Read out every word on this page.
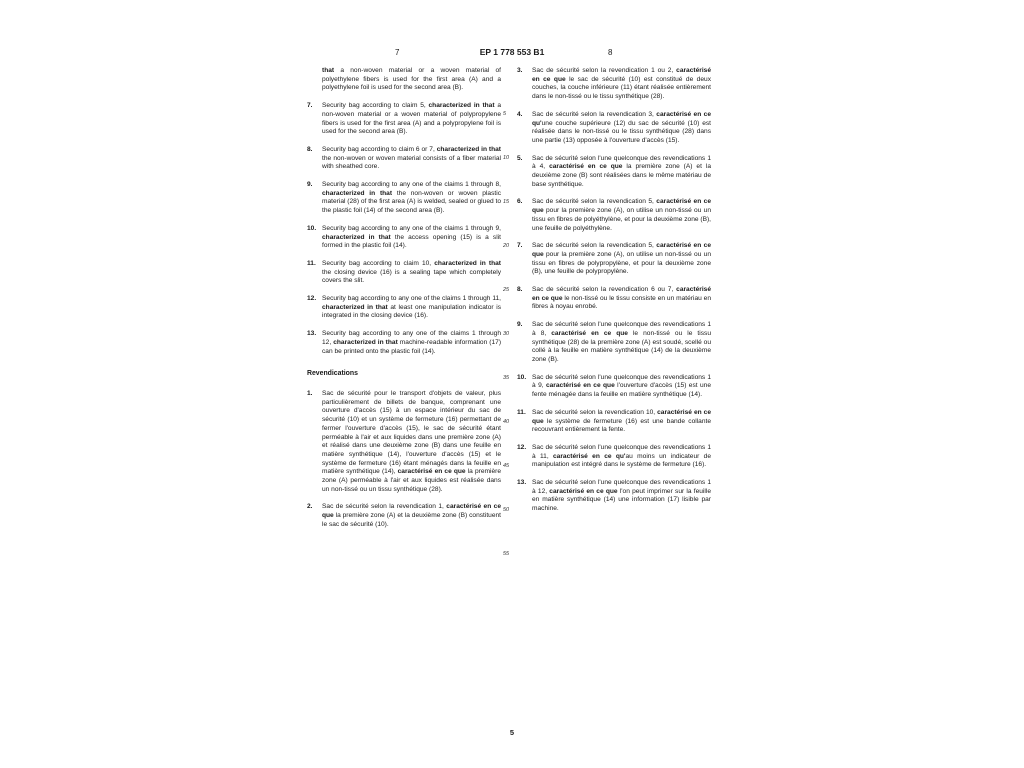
7	EP 1 778 553 B1	8

that a non-woven material or a woven material of polyethylene fibers is used for the first area (A) and a polyethylene foil is used for the second area (B).

7. Security bag according to claim 5, characterized in that a non-woven material or a woven material of polypropylene fibers is used for the first area (A) and a polypropylene foil is used for the second area (B).

8. Security bag according to claim 6 or 7, characterized in that the non-woven or woven material consists of a fiber material with sheathed core.

9. Security bag according to any one of the claims 1 through 8, characterized in that the non-woven or woven plastic material (28) of the first area (A) is welded, sealed or glued to the plastic foil (14) of the second area (B).

10. Security bag according to any one of the claims 1 through 9, characterized in that the access opening (15) is a slit formed in the plastic foil (14).

11. Security bag according to claim 10, characterized in that the closing device (16) is a sealing tape which completely covers the slit.

12. Security bag according to any one of the claims 1 through 11, characterized in that at least one manipulation indicator is integrated in the closing device (16).

13. Security bag according to any one of the claims 1 through 12, characterized in that machine-readable information (17) can be printed onto the plastic foil (14).

Revendications
1. Sac de sécurité pour le transport d'objets de valeur, plus particulièrement de billets de banque, comprenant une ouverture d'accès (15) à un espace intérieur du sac de sécurité (10) et un système de fermeture (16) permettant de fermer l'ouverture d'accès (15), le sac de sécurité étant perméable à l'air et aux liquides dans une première zone (A) et réalisé dans une deuxième zone (B) dans une feuille en matière synthétique (14), l'ouverture d'accès (15) et le système de fermeture (16) étant ménagés dans la feuille en matière synthétique (14), caractérisé en ce que la première zone (A) perméable à l'air et aux liquides est réalisée dans un non-tissé ou un tissu synthétique (28).

2. Sac de sécurité selon la revendication 1, caractérisé en ce que la première zone (A) et la deuxième zone (B) constituent le sac de sécurité (10).

3. Sac de sécurité selon la revendication 1 ou 2, caractérisé en ce que le sac de sécurité (10) est constitué de deux couches, la couche inférieure (11) étant réalisée entièrement dans le non-tissé ou le tissu synthétique (28).

4. Sac de sécurité selon la revendication 3, caractérisé en ce qu'une couche supérieure (12) du sac de sécurité (10) est réalisée dans le non-tissé ou le tissu synthétique (28) dans une partie (13) opposée à l'ouverture d'accès (15).

5. Sac de sécurité selon l'une quelconque des revendications 1 à 4, caractérisé en ce que la première zone (A) et la deuxième zone (B) sont réalisées dans le même matériau de base synthétique.

6. Sac de sécurité selon la revendication 5, caractérisé en ce que pour la première zone (A), on utilise un non-tissé ou un tissu en fibres de polyéthylène, et pour la deuxième zone (B), une feuille de polyéthylène.

7. Sac de sécurité selon la revendication 5, caractérisé en ce que pour la première zone (A), on utilise un non-tissé ou un tissu en fibres de polypropylène, et pour la deuxième zone (B), une feuille de polypropylène.

8. Sac de sécurité selon la revendication 6 ou 7, caractérisé en ce que le non-tissé ou le tissu consiste en un matériau en fibres à noyau enrobé.

9. Sac de sécurité selon l'une quelconque des revendications 1 à 8, caractérisé en ce que le non-tissé ou le tissu synthétique (28) de la première zone (A) est soudé, scellé ou collé à la feuille en matière synthétique (14) de la deuxième zone (B).

10. Sac de sécurité selon l'une quelconque des revendications 1 à 9, caractérisé en ce que l'ouverture d'accès (15) est une fente ménagée dans la feuille en matière synthétique (14).

11. Sac de sécurité selon la revendication 10, caractérisé en ce que le système de fermeture (16) est une bande collante recouvrant entièrement la fente.

12. Sac de sécurité selon l'une quelconque des revendications 1 à 11, caractérisé en ce qu'au moins un indicateur de manipulation est intégré dans le système de fermeture (16).

13. Sac de sécurité selon l'une quelconque des revendications 1 à 12, caractérisé en ce que l'on peut imprimer sur la feuille en matière synthétique (14) une information (17) lisible par machine.

5
10
15
20
25
30
35
40
45
50
55
5
